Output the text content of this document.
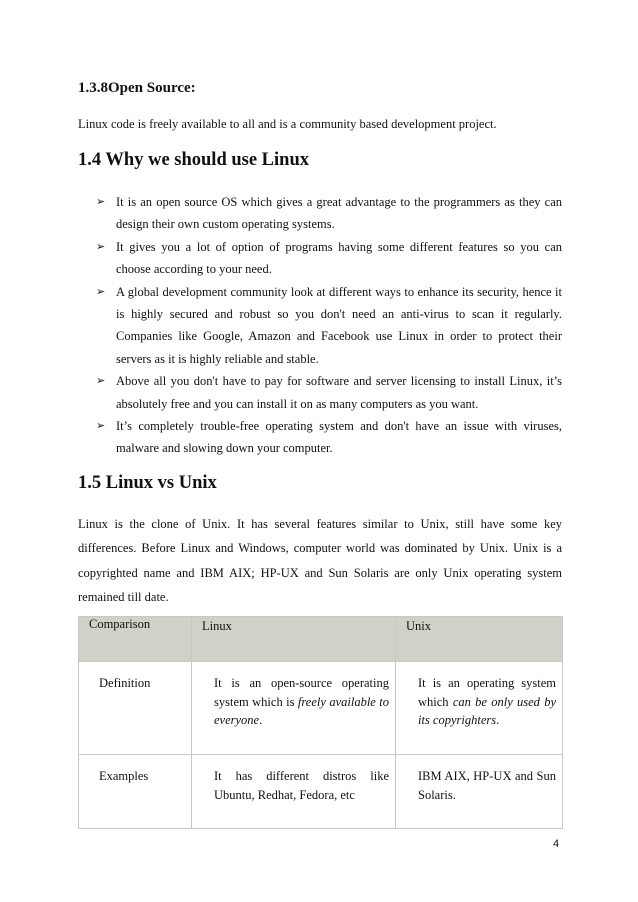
1.3.8Open Source:
Linux code is freely available to all and is a community based development project.
1.4 Why we should use Linux
➢ It is an open source OS which gives a great advantage to the programmers as they can design their own custom operating systems.
➢ It gives you a lot of option of programs having some different features so you can choose according to your need.
➢ A global development community look at different ways to enhance its security, hence it is highly secured and robust so you don't need an anti-virus to scan it regularly. Companies like Google, Amazon and Facebook use Linux in order to protect their servers as it is highly reliable and stable.
➢ Above all you don't have to pay for software and server licensing to install Linux, it’s absolutely free and you can install it on as many computers as you want.
➢ It’s completely trouble-free operating system and don't have an issue with viruses, malware and slowing down your computer.
1.5 Linux vs Unix

Linux is the clone of Unix. It has several features similar to Unix, still have some key differences. Before Linux and Windows, computer world was dominated by Unix. Unix is a copyrighted name and IBM AIX; HP-UX and Sun Solaris are only Unix operating system remained till date.

Comparison	Linux	Unix
Definition	It is an open-source operating system which is freely available to everyone.	It is an operating system which can be only used by its copyrighters.
Examples	It has different distros like Ubuntu, Redhat, Fedora, etc	IBM AIX, HP-UX and Sun Solaris.
4
